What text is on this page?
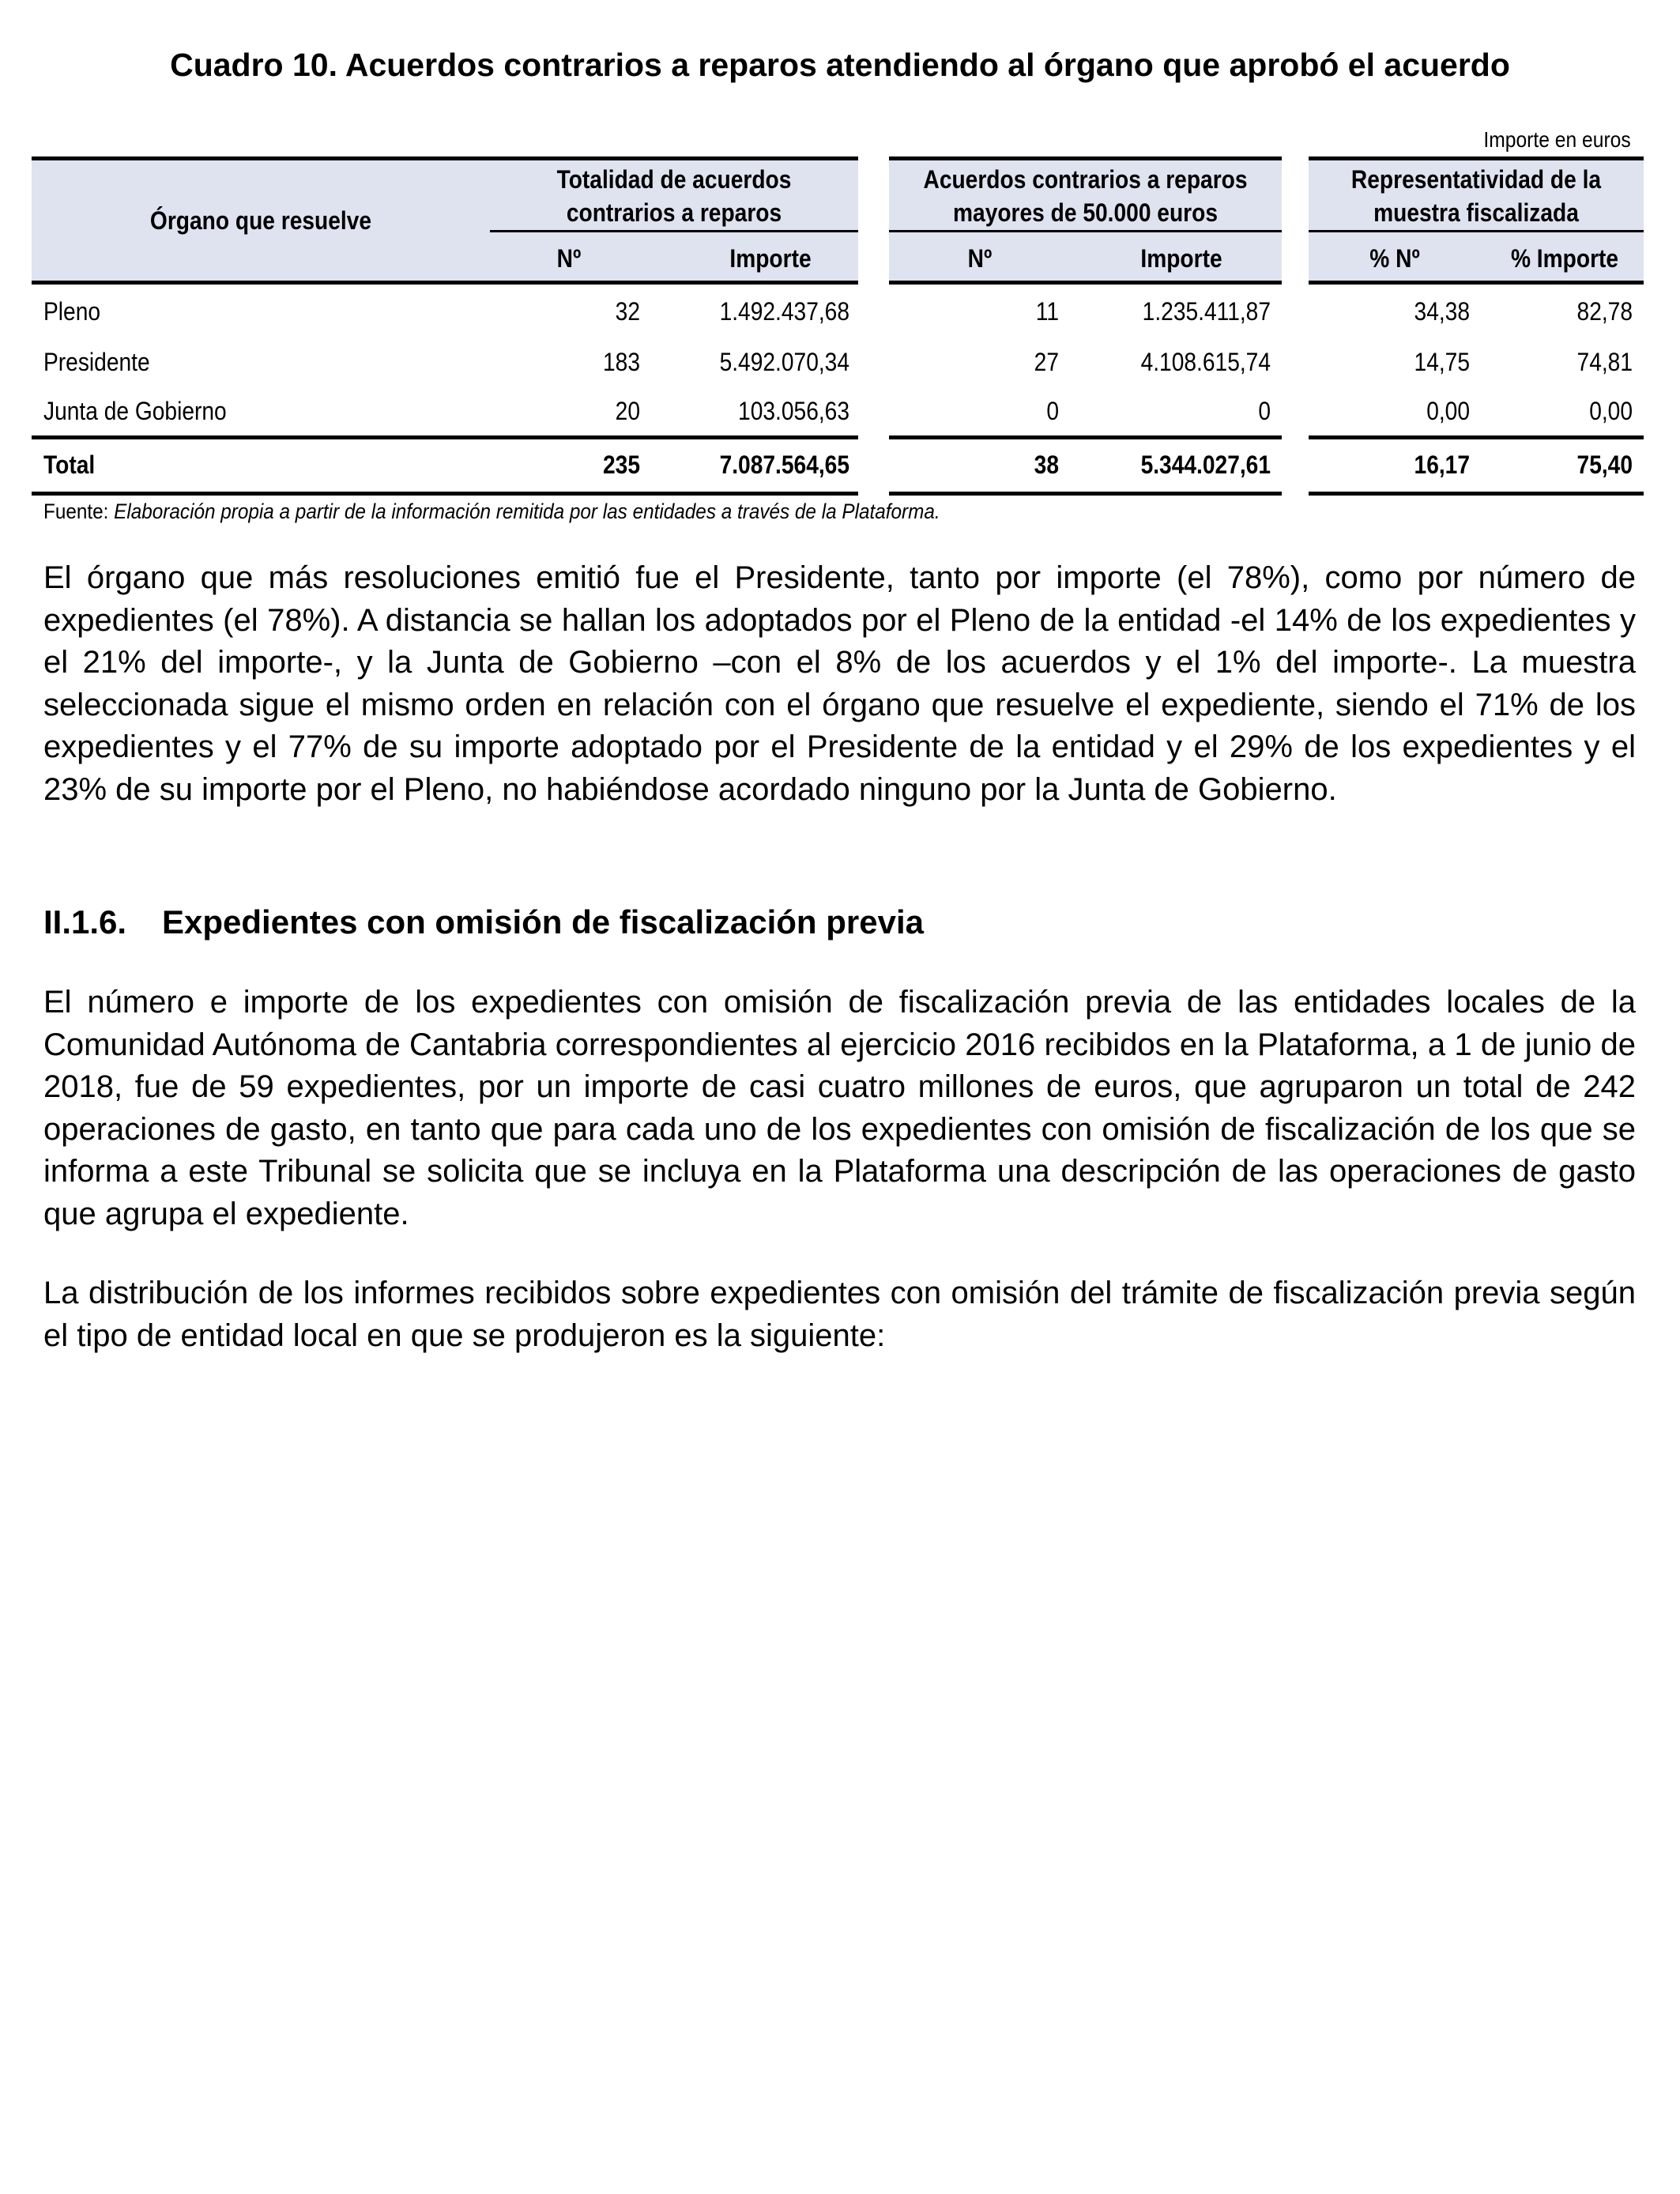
Cuadro 10. Acuerdos contrarios a reparos atendiendo al órgano que aprobó el acuerdo
Importe en euros
Órgano que resuelve
Totalidad de acuerdos contrarios a reparos
Acuerdos contrarios a reparos mayores de 50.000 euros
Representatividad de la muestra fiscalizada
Nº	Importe	Nº	Importe	% Nº	% Importe
Pleno	32	1.492.437,68	11	1.235.411,87	34,38	82,78
Presidente	183	5.492.070,34	27	4.108.615,74	14,75	74,81
Junta de Gobierno	20	103.056,63	0	0	0,00	0,00
Total	235	7.087.564,65	38	5.344.027,61	16,17	75,40
Fuente: Elaboración propia a partir de la información remitida por las entidades a través de la Plataforma.

El órgano que más resoluciones emitió fue el Presidente, tanto por importe (el 78%), como por número de expedientes (el 78%). A distancia se hallan los adoptados por el Pleno de la entidad -el 14% de los expedientes y el 21% del importe-, y la Junta de Gobierno –con el 8% de los acuerdos y el 1% del importe-. La muestra seleccionada sigue el mismo orden en relación con el órgano que resuelve el expediente, siendo el 71% de los expedientes y el 77% de su importe adoptado por el Presidente de la entidad y el 29% de los expedientes y el 23% de su importe por el Pleno, no habiéndose acordado ninguno por la Junta de Gobierno.

II.1.6. Expedientes con omisión de fiscalización previa

El número e importe de los expedientes con omisión de fiscalización previa de las entidades locales de la Comunidad Autónoma de Cantabria correspondientes al ejercicio 2016 recibidos en la Plataforma, a 1 de junio de 2018, fue de 59 expedientes, por un importe de casi cuatro millones de euros, que agruparon un total de 242 operaciones de gasto, en tanto que para cada uno de los expedientes con omisión de fiscalización de los que se informa a este Tribunal se solicita que se incluya en la Plataforma una descripción de las operaciones de gasto que agrupa el expediente.

La distribución de los informes recibidos sobre expedientes con omisión del trámite de fiscalización previa según el tipo de entidad local en que se produjeron es la siguiente:
